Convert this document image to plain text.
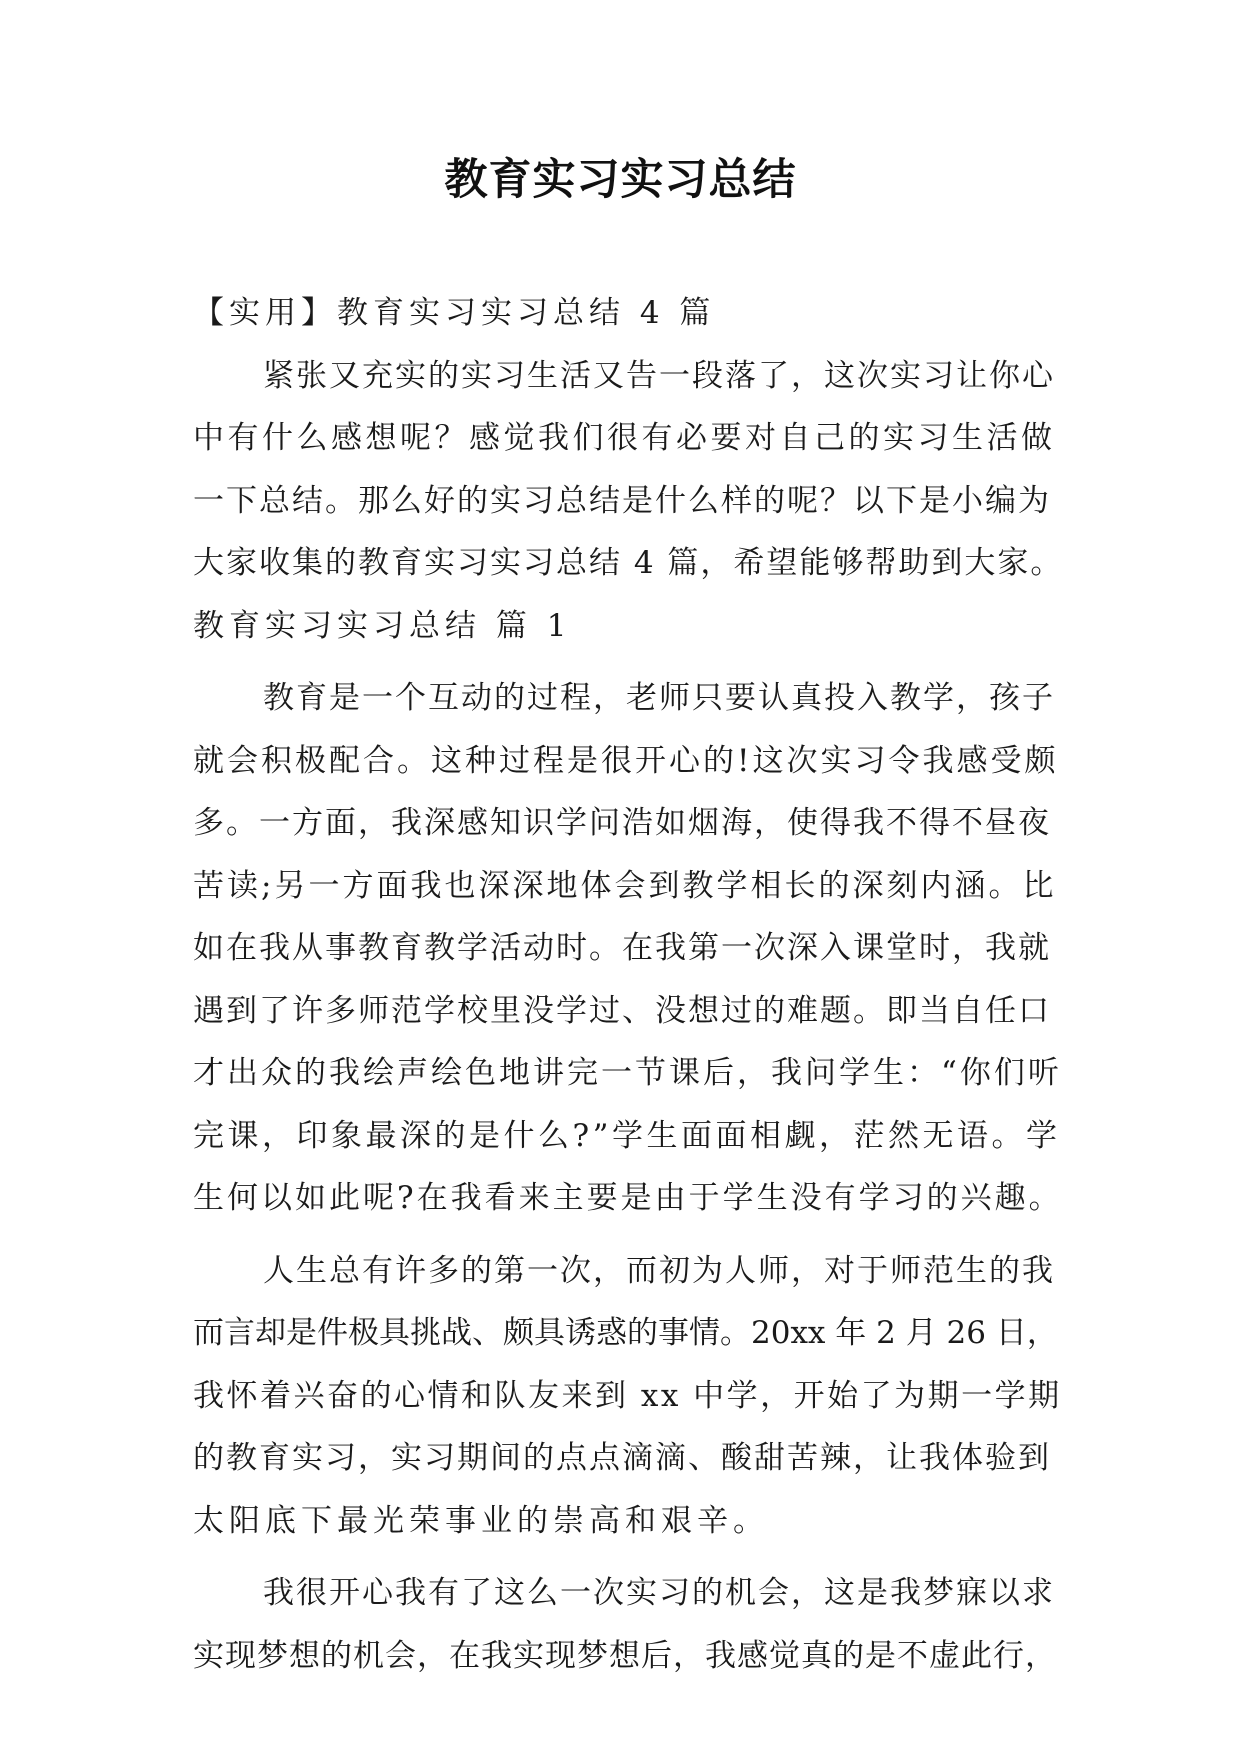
教育实习实习总结
【实用】教育实习实习总结 4 篇
紧张又充实的实习生活又告一段落了，这次实习让你心
中有什么感想呢？感觉我们很有必要对自己的实习生活做
一下总结。那么好的实习总结是什么样的呢？以下是小编为
大家收集的教育实习实习总结 4 篇，希望能够帮助到大家。
教育实习实习总结 篇 1
教育是一个互动的过程，老师只要认真投入教学，孩子
就会积极配合。这种过程是很开心的!这次实习令我感受颇
多。一方面，我深感知识学问浩如烟海，使得我不得不昼夜
苦读;另一方面我也深深地体会到教学相长的深刻内涵。比
如在我从事教育教学活动时。在我第一次深入课堂时，我就
遇到了许多师范学校里没学过、没想过的难题。即当自任口
才出众的我绘声绘色地讲完一节课后，我问学生：“你们听
完课，印象最深的是什么?”学生面面相觑，茫然无语。学
生何以如此呢?在我看来主要是由于学生没有学习的兴趣。
人生总有许多的第一次，而初为人师，对于师范生的我
而言却是件极具挑战、颇具诱惑的事情。20xx 年 2 月 26 日，
我怀着兴奋的心情和队友来到 xx 中学，开始了为期一学期
的教育实习，实习期间的点点滴滴、酸甜苦辣，让我体验到
太阳底下最光荣事业的崇高和艰辛。
我很开心我有了这么一次实习的机会，这是我梦寐以求
实现梦想的机会，在我实现梦想后，我感觉真的是不虚此行，
